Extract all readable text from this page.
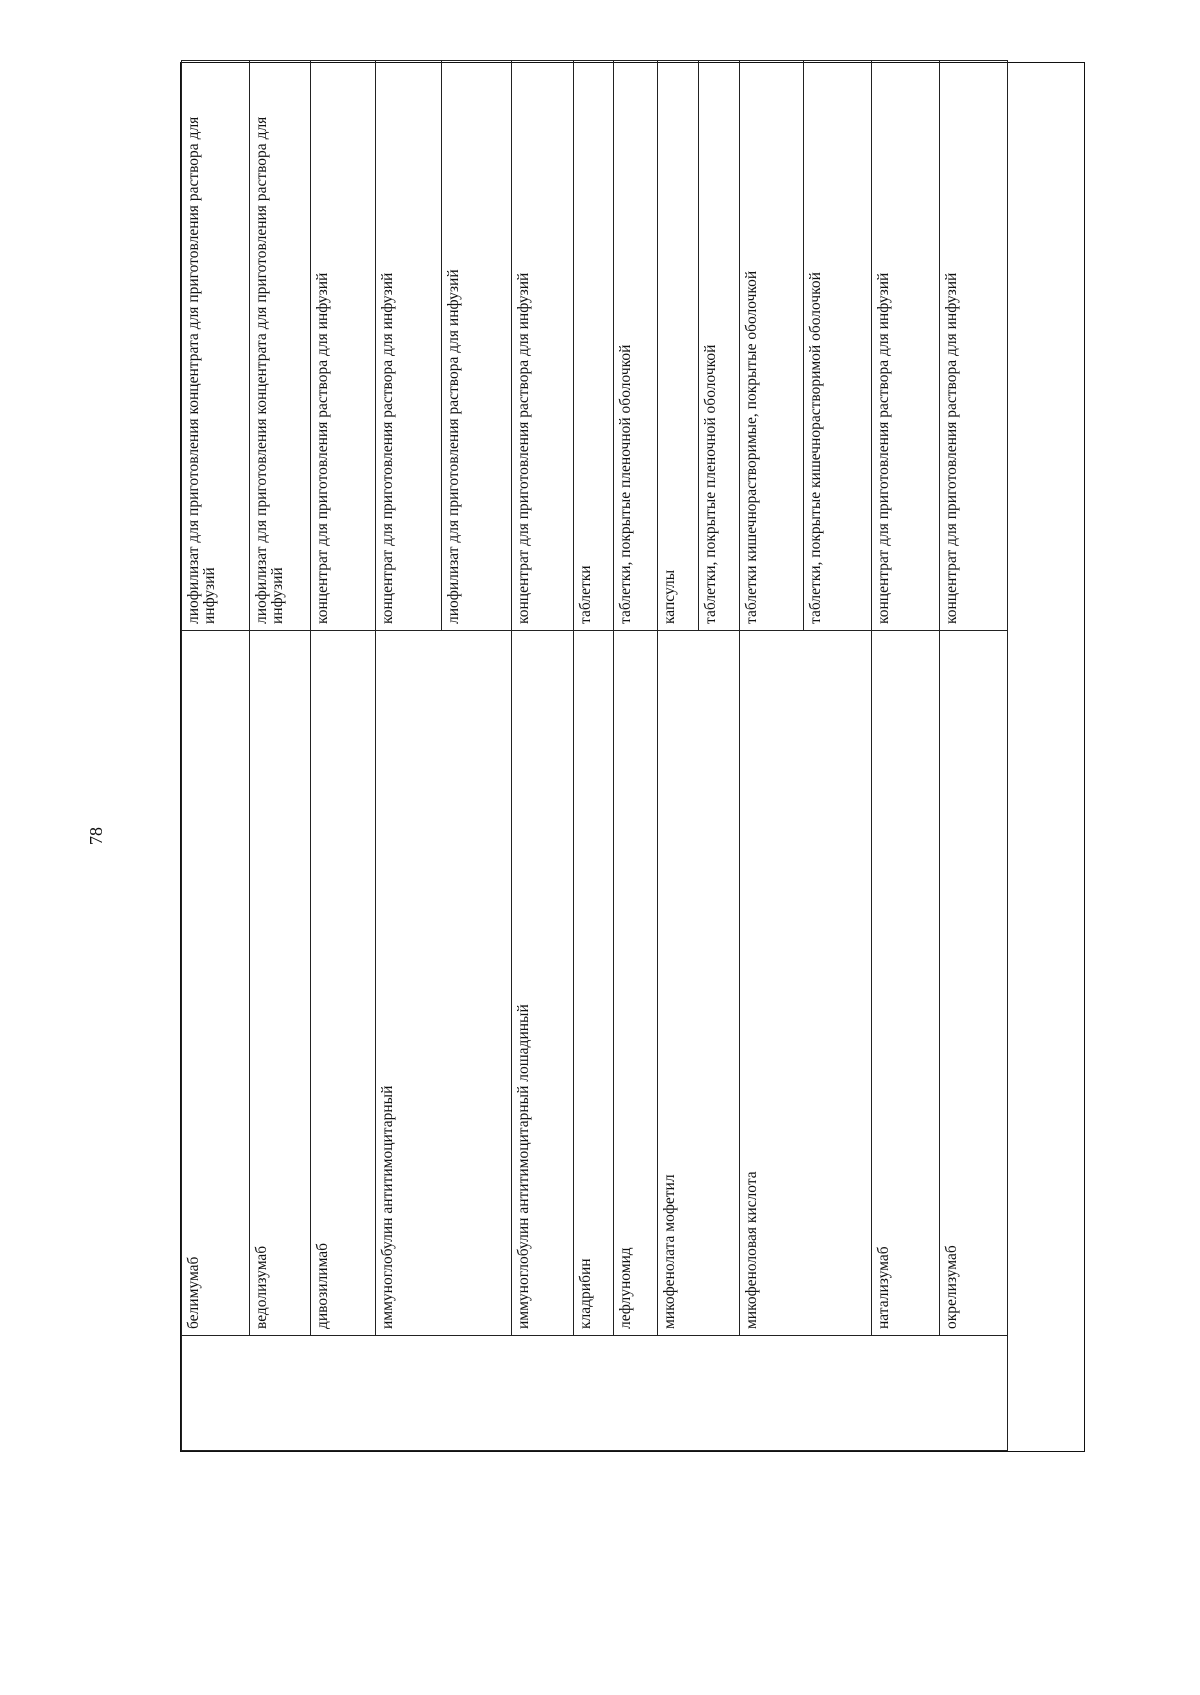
78
	белимумаб	лиофилизат для приготовления концентрата для приготовления раствора для инфузий
	ведолизумаб	лиофилизат для приготовления концентрата для приготовления раствора для инфузий
	дивозилимаб	концентрат для приготовления раствора для инфузий
	иммуноглобулин антитимоцитарный	концентрат для приготовления раствора для инфузий
		лиофилизат для приготовления раствора для инфузий
	иммуноглобулин антитимоцитарный лошадиный	концентрат для приготовления раствора для инфузий
	кладрибин	таблетки
	лефлуномид	таблетки, покрытые пленочной оболочкой
	микофенолата мофетил	капсулы
		таблетки, покрытые пленочной оболочкой
	микофеноловая кислота	таблетки кишечнорастворимые, покрытые оболочкой
		таблетки, покрытые кишечнорастворимой оболочкой
	натализумаб	концентрат для приготовления раствора для инфузий
	окрелизумаб	концентрат для приготовления раствора для инфузий
